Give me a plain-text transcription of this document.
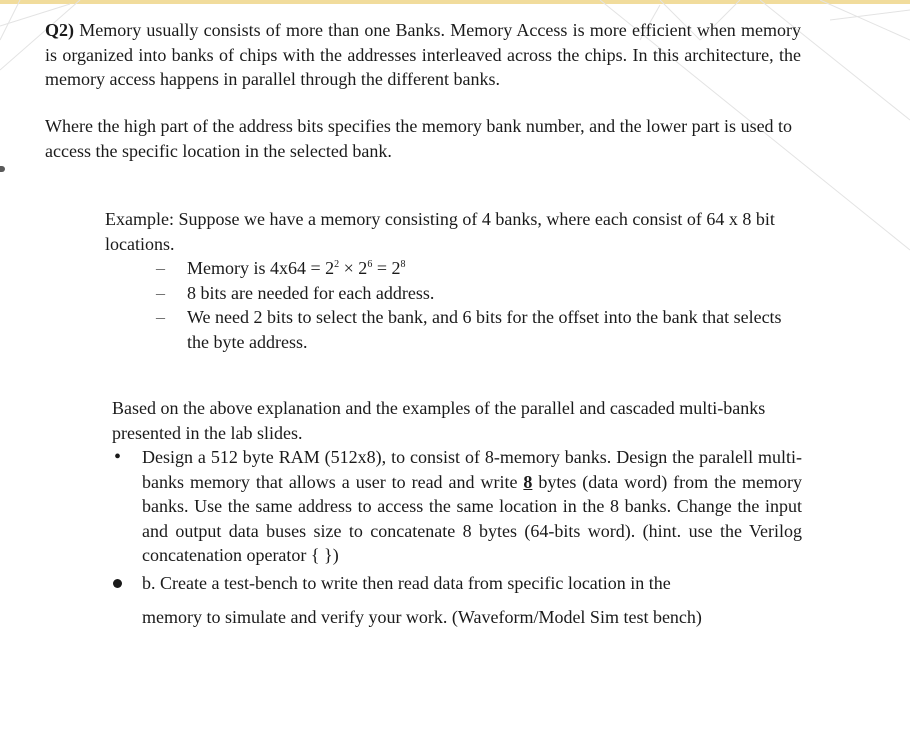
Q2) Memory usually consists of more than one Banks. Memory Access is more efficient when memory is organized into banks of chips with the addresses interleaved across the chips. In this architecture, the memory access happens in parallel through the different banks.

Where the high part of the address bits specifies the memory bank number, and the lower part is used to access the specific location in the selected bank.

Example: Suppose we have a memory consisting of 4 banks, where each consist of 64 x 8 bit locations.

– Memory is $4x64 = 2^2 \times 2^6 = 2^8$
– 8 bits are needed for each address.
– We need 2 bits to select the bank, and 6 bits for the offset into the bank that selects the byte address.

Based on the above explanation and the examples of the parallel and cascaded multi-banks presented in the lab slides.

• Design a 512 byte RAM (512x8), to consist of 8-memory banks. Design the paralell multi-banks memory that allows a user to read and write 8 bytes (data word) from the memory banks. Use the same address to access the same location in the 8 banks. Change the input and output data buses size to concatenate 8 bytes (64-bits word). (hint. use the Verilog concatenation operator { })
b. Create a test-bench to write then read data from specific location in the
memory to simulate and verify your work. (Waveform/Model Sim test bench)
